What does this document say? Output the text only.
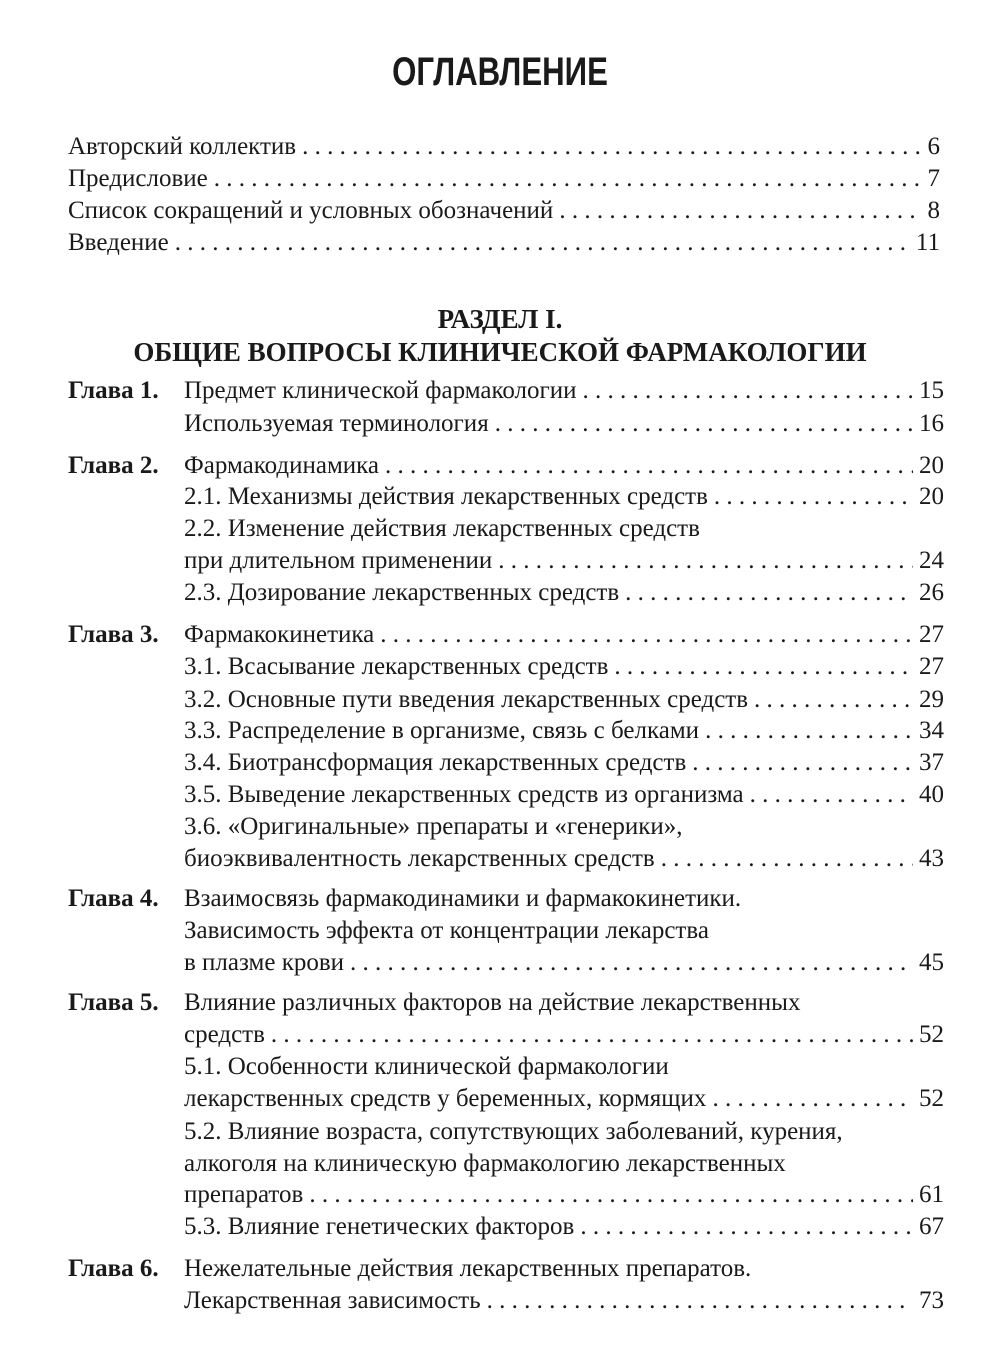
ОГЛАВЛЕНИЕ
Авторский коллектив . . .	6
Предисловие . . .	7
Список сокращений и условных обозначений . . .	8
Введение . . .	11
РАЗДЕЛ I.
ОБЩИЕ ВОПРОСЫ КЛИНИЧЕСКОЙ ФАРМАКОЛОГИИ
Глава 1. Предмет клинической фармакологии . . .	15
Используемая терминология . . .	16
Глава 2. Фармакодинамика . . .	20
2.1. Механизмы действия лекарственных средств . . .	20
2.2. Изменение действия лекарственных средств
при длительном применении . . .	24
2.3. Дозирование лекарственных средств . . .	26
Глава 3. Фармакокинетика . . .	27
3.1. Всасывание лекарственных средств . . .	27
3.2. Основные пути введения лекарственных средств . . .	29
3.3. Распределение в организме, связь с белками . . .	34
3.4. Биотрансформация лекарственных средств . . .	37
3.5. Выведение лекарственных средств из организма . . .	40
3.6. «Оригинальные» препараты и «генерики»,
биоэквивалентность лекарственных средств . . .	43
Глава 4. Взаимосвязь фармакодинамики и фармакокинетики.
Зависимость эффекта от концентрации лекарства
в плазме крови . . .	45
Глава 5. Влияние различных факторов на действие лекарственных
средств . . .	52
5.1. Особенности клинической фармакологии
лекарственных средств у беременных, кормящих . . .	52
5.2. Влияние возраста, сопутствующих заболеваний, курения,
алкоголя на клиническую фармакологию лекарственных
препаратов . . .	61
5.3. Влияние генетических факторов . . .	67
Глава 6. Нежелательные действия лекарственных препаратов.
Лекарственная зависимость . . .	73
